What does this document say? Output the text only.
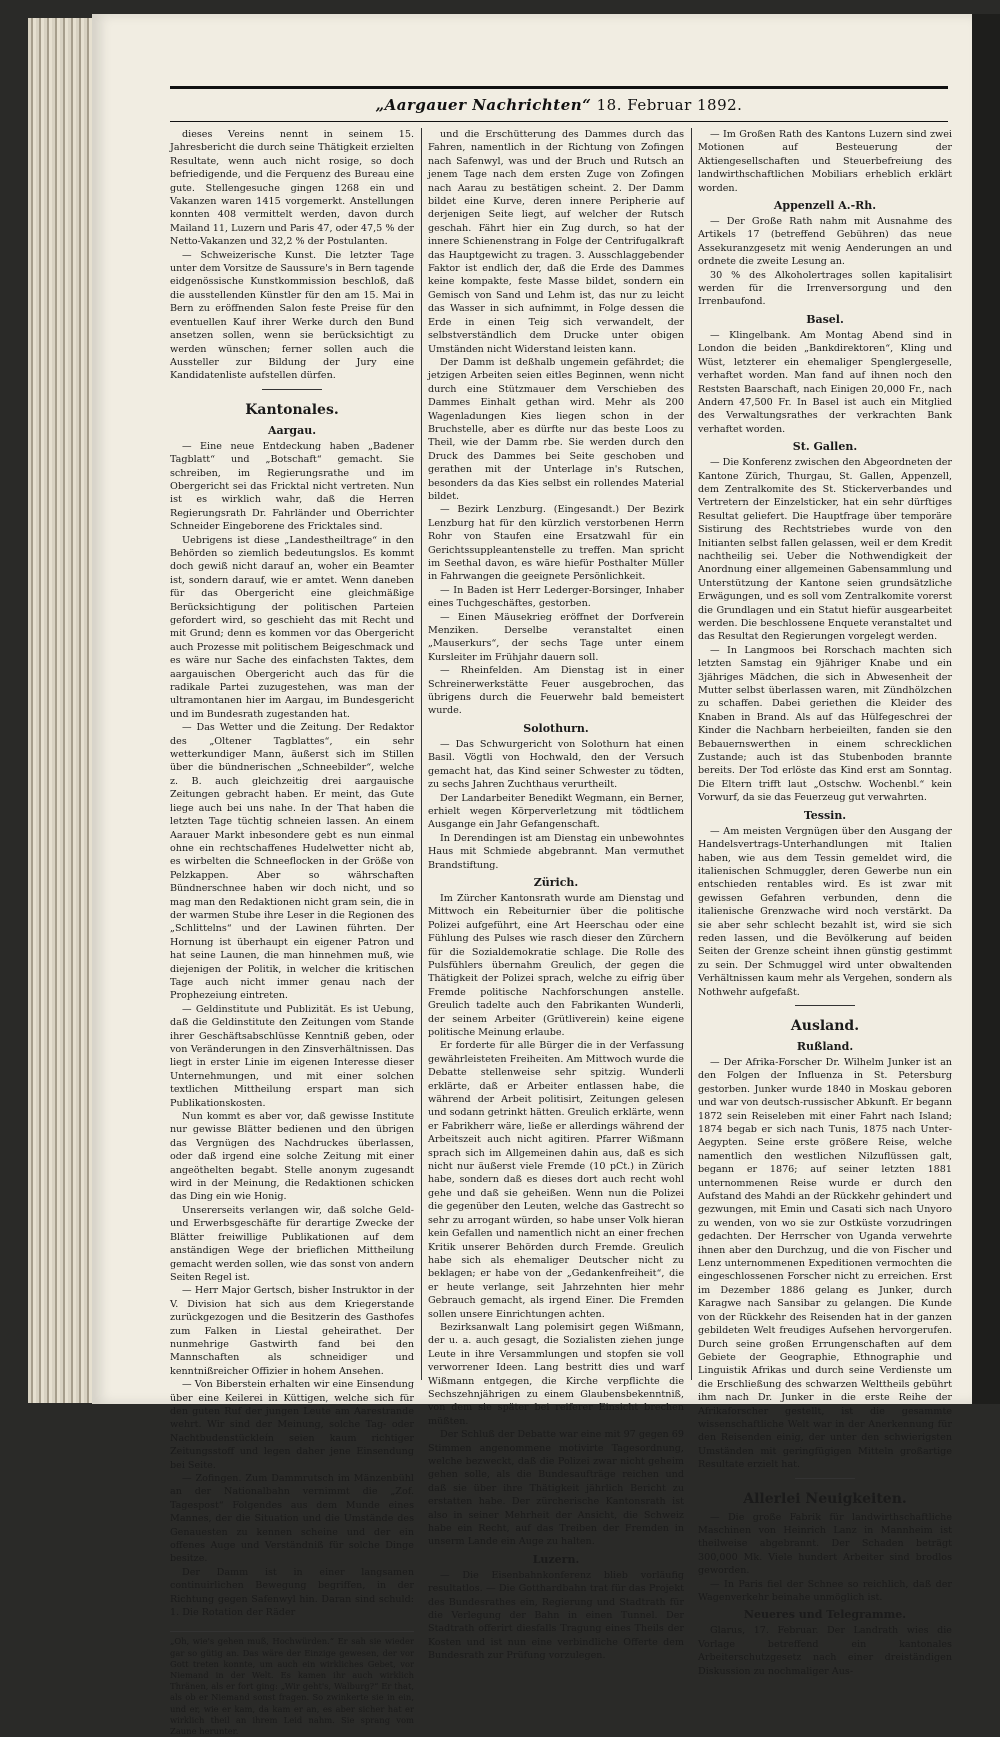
„Aargauer Nachrichten“ 18. Februar 1892.

dieses Vereins nennt in seinem 15. Jahresbericht die durch seine Thätigkeit erzielten Resultate, wenn auch nicht rosige, so doch befriedigende, und die Ferquenz des Bureau eine gute. Stellengesuche gingen 1268 ein und Vakanzen waren 1415 vorgemerkt. Anstellungen konnten 408 vermittelt werden, davon durch Mailand 11, Luzern und Paris 47, oder 47,5 % der Netto-Vakanzen und 32,2 % der Postulanten.

— Schweizerische Kunst. Die letzter Tage unter dem Vorsitze de Saussure's in Bern tagende eidgenössische Kunstkommission beschloß, daß die ausstellenden Künstler für den am 15. Mai in Bern zu eröffnenden Salon feste Preise für den eventuellen Kauf ihrer Werke durch den Bund ansetzen sollen, wenn sie berücksichtigt zu werden wünschen; ferner sollen auch die Aussteller zur Bildung der Jury eine Kandidatenliste aufstellen dürfen.

Kantonales.
Aargau.

— Eine neue Entdeckung haben „Badener Tagblatt“ und „Botschaft“ gemacht. Sie schreiben, im Regierungsrathe und im Obergericht sei das Fricktal nicht vertreten. Nun ist es wirklich wahr, daß die Herren Regierungsrath Dr. Fahrländer und Oberrichter Schneider Eingeborene des Fricktales sind.

Uebrigens ist diese „Landestheiltrage“ in den Behörden so ziemlich bedeutungslos. Es kommt doch gewiß nicht darauf an, woher ein Beamter ist, sondern darauf, wie er amtet. Wenn daneben für das Obergericht eine gleichmäßige Berücksichtigung der politischen Parteien gefordert wird, so geschieht das mit Recht und mit Grund; denn es kommen vor das Obergericht auch Prozesse mit politischem Beigeschmack und es wäre nur Sache des einfachsten Taktes, dem aargauischen Obergericht auch das für die radikale Partei zuzugestehen, was man der ultramontanen hier im Aargau, im Bundesgericht und im Bundesrath zugestanden hat.

— Das Wetter und die Zeitung. Der Redaktor des „Oltener Tagblattes“, ein sehr wetterkundiger Mann, äußerst sich im Stillen über die bündnerischen „Schneebilder“, welche z. B. auch gleichzeitig drei aargauische Zeitungen gebracht haben. Er meint, das Gute liege auch bei uns nahe. In der That haben die letzten Tage tüchtig schneien lassen. An einem Aarauer Markt inbesondere gebt es nun einmal ohne ein rechtschaffenes Hudelwetter nicht ab, es wirbelten die Schneeflocken in der Größe von Pelzkappen. Aber so währschaften Bündnerschnee haben wir doch nicht, und so mag man den Redaktionen nicht gram sein, die in der warmen Stube ihre Leser in die Regionen des „Schlittelns“ und der Lawinen führten. Der Hornung ist überhaupt ein eigener Patron und hat seine Launen, die man hinnehmen muß, wie diejenigen der Politik, in welcher die kritischen Tage auch nicht immer genau nach der Prophezeiung eintreten.

— Geldinstitute und Publizität. Es ist Uebung, daß die Geldinstitute den Zeitungen vom Stande ihrer Geschäftsabschlüsse Kenntniß geben, oder von Veränderungen in den Zinsverhältnissen. Das liegt in erster Linie im eigenen Interesse dieser Unternehmungen, und mit einer solchen textlichen Mittheilung erspart man sich Publikationskosten.

Nun kommt es aber vor, daß gewisse Institute nur gewisse Blätter bedienen und den übrigen das Vergnügen des Nachdruckes überlassen, oder daß irgend eine solche Zeitung mit einer angeöthelten begabt. Stelle anonym zugesandt wird in der Meinung, die Redaktionen schicken das Ding ein wie Honig.

Unsererseits verlangen wir, daß solche Geld- und Erwerbsgeschäfte für derartige Zwecke der Blätter freiwillige Publikationen auf dem anständigen Wege der brieflichen Mittheilung gemacht werden sollen, wie das sonst von andern Seiten Regel ist.

— Herr Major Gertsch, bisher Instruktor in der V. Division hat sich aus dem Kriegerstande zurückgezogen und die Besitzerin des Gasthofes zum Falken in Liestal geheirathet. Der nunmehrige Gastwirth fand bei den Mannschaften als schneidiger und kenntnißreicher Offizier in hohem Ansehen.

— Von Biberstein erhalten wir eine Einsendung über eine Keilerei in Küttigen, welche sich für den guten Ruf der jungen Leute am Aarestrande wehrt. Wir sind der Meinung, solche Tag- oder Nachtbudenstückleín seien kaum richtiger Zeitungsstoff und legen daher jene Einsendung bei Seite.

— Zofingen. Zum Dammrutsch im Mänzenbühl an der Nationalbahn vernimmt die „Zof. Tagespost“ Folgendes aus dem Munde eines Mannes, der die Situation und die Umstände des Genauesten zu kennen scheine und der ein offenes Auge und Verständniß für solche Dinge besitze.

Der Damm ist in einer langsamen continuirlichen Bewegung begriffen, in der Richtung gegen Safenwyl hin. Daran sind schuld: 1. Die Rotation der Räder

„Oh, wie's gehen muß, Hochwürden.“ Er sah sie wieder gar so gütig an. Das wäre der Einzige gewesen, der vor Gott treten konnte, um auch ein wirkliches Gebet, vor Niemand in der Welt. Es kamen ihr auch wirklich Thränen, als er fort ging: „Wir geht's, Walburg?“ Er that, als ob er Niemand sonst fragen. So zwinkerte sie in ein, und er, wie er kam, da kam er an, es aber sicher hat er wirklich theil an ihrem Leid nahm. Sie sprang vom Zaune herunter.

und die Erschütterung des Dammes durch das Fahren, namentlich in der Richtung von Zofingen nach Safenwyl, was und der Bruch und Rutsch an jenem Tage nach dem ersten Zuge von Zofingen nach Aarau zu bestätigen scheint. 2. Der Damm bildet eine Kurve, deren innere Peripherie auf derjenigen Seite liegt, auf welcher der Rutsch geschah. Fährt hier ein Zug durch, so hat der innere Schienenstrang in Folge der Centrifugalkraft das Hauptgewicht zu tragen. 3. Ausschlaggebender Faktor ist endlich der, daß die Erde des Dammes keine kompakte, feste Masse bildet, sondern ein Gemisch von Sand und Lehm ist, das nur zu leicht das Wasser in sich aufnimmt, in Folge dessen die Erde in einen Teig sich verwandelt, der selbstverständlich dem Drucke unter obigen Umständen nicht Widerstand leisten kann.

Der Damm ist deßhalb ungemein gefährdet; die jetzigen Arbeiten seien eitles Beginnen, wenn nicht durch eine Stützmauer dem Verschieben des Dammes Einhalt gethan wird. Mehr als 200 Wagenladungen Kies liegen schon in der Bruchstelle, aber es dürfte nur das beste Loos zu Theil, wie der Damm rbe. Sie werden durch den Druck des Dammes bei Seite geschoben und gerathen mit der Unterlage in's Rutschen, besonders da das Kies selbst ein rollendes Material bildet.

— Bezirk Lenzburg. (Eingesandt.) Der Bezirk Lenzburg hat für den kürzlich verstorbenen Herrn Rohr von Staufen eine Ersatzwahl für ein Gerichtssuppleantenstelle zu treffen. Man spricht im Seethal davon, es wäre hiefür Posthalter Müller in Fahrwangen die geeignete Persönlichkeit.

— In Baden ist Herr Lederger-Borsinger, Inhaber eines Tuchgeschäftes, gestorben.

— Einen Mäusekrieg eröffnet der Dorfverein Menziken. Derselbe veranstaltet einen „Mauserkurs“, der sechs Tage unter einem Kursleiter im Frühjahr dauern soll.

— Rheinfelden. Am Dienstag ist in einer Schreinerwerkstätte Feuer ausgebrochen, das übrigens durch die Feuerwehr bald bemeistert wurde.

Solothurn.

— Das Schwurgericht von Solothurn hat einen Basil. Vögtli von Hochwald, den der Versuch gemacht hat, das Kind seiner Schwester zu tödten, zu sechs Jahren Zuchthaus verurtheilt.

Der Landarbeiter Benedikt Wegmann, ein Berner, erhielt wegen Körperverletzung mit tödtlichem Ausgange ein Jahr Gefangenschaft.

In Derendingen ist am Dienstag ein unbewohntes Haus mit Schmiede abgebrannt. Man vermuthet Brandstiftung.

Zürich.

Im Zürcher Kantonsrath wurde am Dienstag und Mittwoch ein Rebeiturnier über die politische Polizei aufgeführt, eine Art Heerschau oder eine Fühlung des Pulses wie rasch dieser den Zürchern für die Sozialdemokratie schlage. Die Rolle des Pulsfühlers übernahm Greulich, der gegen die Thätigkeit der Polizei sprach, welche zu eifrig über Fremde politische Nachforschungen anstelle. Greulich tadelte auch den Fabrikanten Wunderli, der seinem Arbeiter (Grütliverein) keine eigene politische Meinung erlaube.

Er forderte für alle Bürger die in der Verfassung gewährleisteten Freiheiten. Am Mittwoch wurde die Debatte stellenweise sehr spitzig. Wunderli erklärte, daß er Arbeiter entlassen habe, die während der Arbeit politisirt, Zeitungen gelesen und sodann getrinkt hätten. Greulich erklärte, wenn er Fabrikherr wäre, ließe er allerdings während der Arbeitszeit auch nicht agitiren. Pfarrer Wißmann sprach sich im Allgemeinen dahin aus, daß es sich nicht nur äußerst viele Fremde (10 pCt.) in Zürich habe, sondern daß es dieses dort auch recht wohl gehe und daß sie geheißen. Wenn nun die Polizei die gegenüber den Leuten, welche das Gastrecht so sehr zu arrogant würden, so habe unser Volk hieran kein Gefallen und namentlich nicht an einer frechen Kritik unserer Behörden durch Fremde. Greulich habe sich als ehemaliger Deutscher nicht zu beklagen; er habe von der „Gedankenfreiheit“, die er heute verlange, seit Jahrzehnten hier mehr Gebrauch gemacht, als irgend Einer. Die Fremden sollen unsere Einrichtungen achten.

Bezirksanwalt Lang polemisirt gegen Wißmann, der u. a. auch gesagt, die Sozialisten ziehen junge Leute in ihre Versammlungen und stopfen sie voll verworrener Ideen. Lang bestritt dies und warf Wißmann entgegen, die Kirche verpflichte die Sechszehnjährigen zu einem Glaubensbekenntniß, von dem sie später bei reiferer Einsicht brechen müßten.

Der Schluß der Debatte war eine mit 97 gegen 69 Stimmen angenommene motivirte Tagesordnung, welche bezweckt, daß die Polizei zwar nicht geheim gehen solle, als die Bundesaufträge reichen und daß sie über ihre Thätigkeit jährlich Bericht zu erstatten habe. Der zürcherische Kantonsrath ist also in seiner Mehrheit der Ansicht, die Schweiz habe ein Recht, auf das Treiben der Fremden in unserm Lande ein Auge zu halten.

Luzern.

— Die Eisenbahnkonferenz blieb vorläufig resultatlos. — Die Gotthardbahn trat für das Projekt des Bundesrathes ein, Regierung und Stadtrath für die Verlegung der Bahn in einen Tunnel. Der Stadtrath offerirt diesfalls Tragung eines Theils der Kosten und ist nun eine verbindliche Offerte dem Bundesrath zur Prüfung vorzulegen.

— Im Großen Rath des Kantons Luzern sind zwei Motionen auf Besteuerung der Aktiengesellschaften und Steuerbefreiung des landwirthschaftlichen Mobiliars erheblich erklärt worden.

Appenzell A.-Rh.

— Der Große Rath nahm mit Ausnahme des Artikels 17 (betreffend Gebühren) das neue Assekuranzgesetz mit wenig Aenderungen an und ordnete die zweite Lesung an.

30 % des Alkoholertrages sollen kapitalisirt werden für die Irrenversorgung und den Irrenbaufond.

Basel.

— Klingelbank. Am Montag Abend sind in London die beiden „Bankdirektoren“, Kling und Wüst, letzterer ein ehemaliger Spenglergeselle, verhaftet worden. Man fand auf ihnen noch den Reststen Baarschaft, nach Einigen 20,000 Fr., nach Andern 47,500 Fr. In Basel ist auch ein Mitglied des Verwaltungsrathes der verkrachten Bank verhaftet worden.

St. Gallen.

— Die Konferenz zwischen den Abgeordneten der Kantone Zürich, Thurgau, St. Gallen, Appenzell, dem Zentralkomite des St. Stickerverbandes und Vertretern der Einzelsticker, hat ein sehr dürftiges Resultat geliefert. Die Hauptfrage über temporäre Sistirung des Rechtstriebes wurde von den Initianten selbst fallen gelassen, weil er dem Kredit nachtheilig sei. Ueber die Nothwendigkeit der Anordnung einer allgemeinen Gabensammlung und Unterstützung der Kantone seien grundsätzliche Erwägungen, und es soll vom Zentralkomite vorerst die Grundlagen und ein Statut hiefür ausgearbeitet werden. Die beschlossene Enquete veranstaltet und das Resultat den Regierungen vorgelegt werden.

— In Langmoos bei Rorschach machten sich letzten Samstag ein 9jähriger Knabe und ein 3jähriges Mädchen, die sich in Abwesenheit der Mutter selbst überlassen waren, mit Zündhölzchen zu schaffen. Dabei geriethen die Kleider des Knaben in Brand. Als auf das Hülfegeschrei der Kinder die Nachbarn herbeieilten, fanden sie den Bebauernswerthen in einem schrecklichen Zustande; auch ist das Stubenboden brannte bereits. Der Tod erlöste das Kind erst am Sonntag. Die Eltern trifft laut „Ostschw. Wochenbl.“ kein Vorwurf, da sie das Feuerzeug gut verwahrten.

Tessin.

— Am meisten Vergnügen über den Ausgang der Handelsvertrags-Unterhandlungen mit Italien haben, wie aus dem Tessin gemeldet wird, die italienischen Schmuggler, deren Gewerbe nun ein entschieden rentables wird. Es ist zwar mit gewissen Gefahren verbunden, denn die italienische Grenzwache wird noch verstärkt. Da sie aber sehr schlecht bezahlt ist, wird sie sich reden lassen, und die Bevölkerung auf beiden Seiten der Grenze scheint ihnen günstig gestimmt zu sein. Der Schmuggel wird unter obwaltenden Verhältnissen kaum mehr als Vergehen, sondern als Nothwehr aufgefaßt.

Ausland.
Rußland.

— Der Afrika-Forscher Dr. Wilhelm Junker ist an den Folgen der Influenza in St. Petersburg gestorben. Junker wurde 1840 in Moskau geboren und war von deutsch-russischer Abkunft. Er begann 1872 sein Reiseleben mit einer Fahrt nach Island; 1874 begab er sich nach Tunis, 1875 nach Unter-Aegypten. Seine erste größere Reise, welche namentlich den westlichen Nilzuflüssen galt, begann er 1876; auf seiner letzten 1881 unternommenen Reise wurde er durch den Aufstand des Mahdi an der Rückkehr gehindert und gezwungen, mit Emin und Casati sich nach Unyoro zu wenden, von wo sie zur Ostküste vorzudringen gedachten. Der Herrscher von Uganda verwehrte ihnen aber den Durchzug, und die von Fischer und Lenz unternommenen Expeditionen vermochten die eingeschlossenen Forscher nicht zu erreichen. Erst im Dezember 1886 gelang es Junker, durch Karagwe nach Sansibar zu gelangen. Die Kunde von der Rückkehr des Reisenden hat in der ganzen gebildeten Welt freudiges Aufsehen hervorgerufen. Durch seine großen Errungenschaften auf dem Gebiete der Geographie, Ethnographie und Linguistik Afrikas und durch seine Verdienste um die Erschließung des schwarzen Welttheils gebührt ihm nach Dr. Junker in die erste Reihe der Afrikaforscher gestellt, ist die gesammte wissenschaftliche Welt war in der Anerkennung für den Reisenden einig, der unter den schwierigsten Umständen mit geringfügigen Mitteln großartige Resultate erzielt hat.

Allerlei Neuigkeiten.

— Die große Fabrik für landwirthschaftliche Maschinen von Heinrich Lanz in Mannheim ist theilweise abgebrannt. Der Schaden beträgt 300,000 Mk. Viele hundert Arbeiter sind brodlos geworden.

— In Paris fiel der Schnee so reichlich, daß der Wagenverkehr beinahe unmöglich ist.

Neueres und Telegramme.

Glarus, 17. Februar. Der Landrath wies die Vorlage betreffend ein kantonales Arbeiterschutzgesetz nach einer dreiständigen Diskussion zu nochmaliger Aus-
